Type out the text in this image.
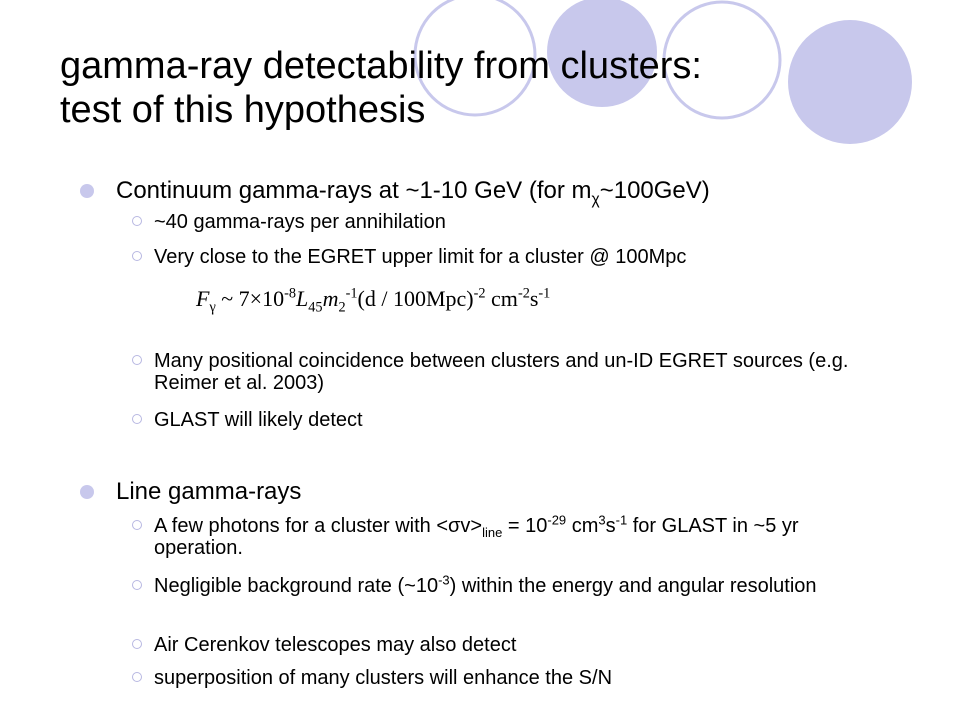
gamma-ray detectability from clusters:
test of this hypothesis
Continuum gamma-rays at ~1-10 GeV (for $m_\chi\sim 100GeV$)
~40 gamma-rays per annihilation
Very close to the EGRET upper limit for a cluster @ 100Mpc
$F_\gamma$ ~ $7\times 10^{-8}L_{45}m_2^{-1}(d / 100Mpc)^{-2}$ $cm^{-2}s^{-1}$
Many positional coincidence between clusters and un-ID EGRET sources (e.g. Reimer et al. 2003)
GLAST will likely detect
Line gamma-rays
A few photons for a cluster with $<\sigma v>_{line} = 10^{-29}$ $cm^3s^{-1}$ for GLAST in ~5 yr operation.
Negligible background rate $(\sim 10^{-3})$ within the energy and angular resolution
Air Cerenkov telescopes may also detect
superposition of many clusters will enhance the S/N
